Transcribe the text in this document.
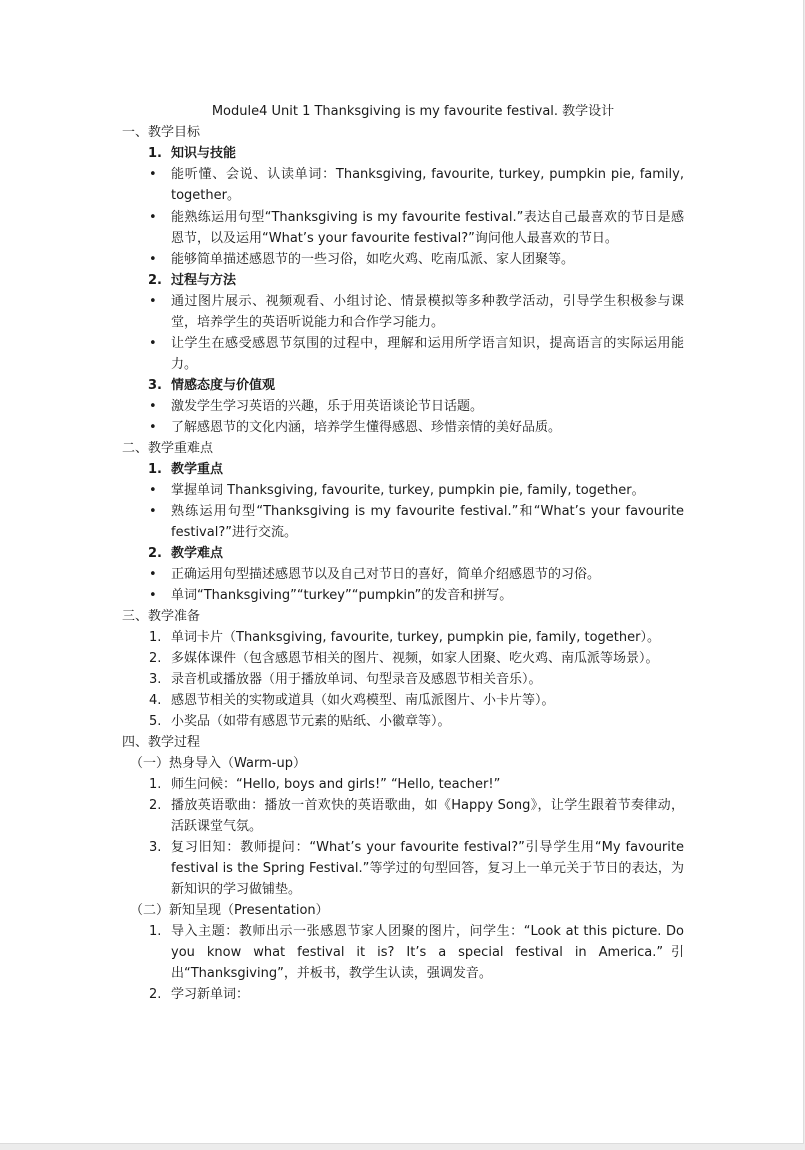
Module4 Unit 1 Thanksgiving is my favourite festival. 教学设计
一、教学目标
1. 知识与技能
• 能听懂、会说、认读单词：Thanksgiving, favourite, turkey, pumpkin pie, family, together。
• 能熟练运用句型“Thanksgiving is my favourite festival.”表达自己最喜欢的节日是感恩节，以及运用“What’s your favourite festival?”询问他人最喜欢的节日。
• 能够简单描述感恩节的一些习俗，如吃火鸡、吃南瓜派、家人团聚等。
2. 过程与方法
• 通过图片展示、视频观看、小组讨论、情景模拟等多种教学活动，引导学生积极参与课堂，培养学生的英语听说能力和合作学习能力。
• 让学生在感受感恩节氛围的过程中，理解和运用所学语言知识，提高语言的实际运用能力。
3. 情感态度与价值观
• 激发学生学习英语的兴趣，乐于用英语谈论节日话题。
• 了解感恩节的文化内涵，培养学生懂得感恩、珍惜亲情的美好品质。
二、教学重难点
1. 教学重点
• 掌握单词 Thanksgiving, favourite, turkey, pumpkin pie, family, together。
• 熟练运用句型“Thanksgiving is my favourite festival.”和“What’s your favourite festival?”进行交流。
2. 教学难点
• 正确运用句型描述感恩节以及自己对节日的喜好，简单介绍感恩节的习俗。
• 单词“Thanksgiving”“turkey”“pumpkin”的发音和拼写。
三、教学准备
1. 单词卡片（Thanksgiving, favourite, turkey, pumpkin pie, family, together）。
2. 多媒体课件（包含感恩节相关的图片、视频，如家人团聚、吃火鸡、南瓜派等场景）。
3. 录音机或播放器（用于播放单词、句型录音及感恩节相关音乐）。
4. 感恩节相关的实物或道具（如火鸡模型、南瓜派图片、小卡片等）。
5. 小奖品（如带有感恩节元素的贴纸、小徽章等）。
四、教学过程
（一）热身导入（Warm-up）
1. 师生问候：“Hello, boys and girls!” “Hello, teacher!”
2. 播放英语歌曲：播放一首欢快的英语歌曲，如《Happy Song》，让学生跟着节奏律动，活跃课堂气氛。
3. 复习旧知：教师提问：“What’s your favourite festival?”引导学生用“My favourite festival is the Spring Festival.”等学过的句型回答，复习上一单元关于节日的表达，为新知识的学习做铺垫。
（二）新知呈现（Presentation）
1. 导入主题：教师出示一张感恩节家人团聚的图片，问学生：“Look at this picture. Do you know what festival it is? It’s a special festival in America.”引出“Thanksgiving”，并板书，教学生认读，强调发音。
2. 学习新单词：
